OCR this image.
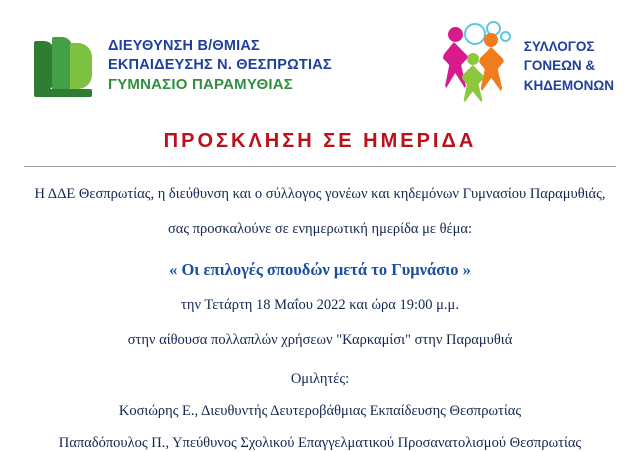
ΔΙΕΥΘΥΝΣΗ Β/ΘΜΙΑΣ
ΕΚΠΑΙΔΕΥΣΗΣ Ν. ΘΕΣΠΡΩΤΙΑΣ
ΓΥΜΝΑΣΙΟ ΠΑΡΑΜΥΘΙΑΣ
ΣΥΛΛΟΓΟΣ
ΓΟΝΕΩΝ &
ΚΗΔΕΜΟΝΩΝ
ΠΡΟΣΚΛΗΣΗ ΣΕ ΗΜΕΡΙΔΑ
Η ΔΔΕ Θεσπρωτίας, η διεύθυνση και ο σύλλογος γονέων και κηδεμόνων Γυμνασίου Παραμυθιάς,
σας προσκαλούνε σε ενημερωτική ημερίδα με θέμα:
« Οι επιλογές σπουδών μετά το Γυμνάσιο »
την Τετάρτη 18 Μαΐου 2022 και ώρα 19:00 μ.μ.
στην αίθουσα πολλαπλών χρήσεων "Καρκαμίσι" στην Παραμυθιά
Ομιλητές:
Κοσιώρης Ε., Διευθυντής Δευτεροβάθμιας Εκπαίδευσης Θεσπρωτίας
Παπαδόπουλος Π., Υπεύθυνος Σχολικού Επαγγελματικού Προσανατολισμού Θεσπρωτίας
